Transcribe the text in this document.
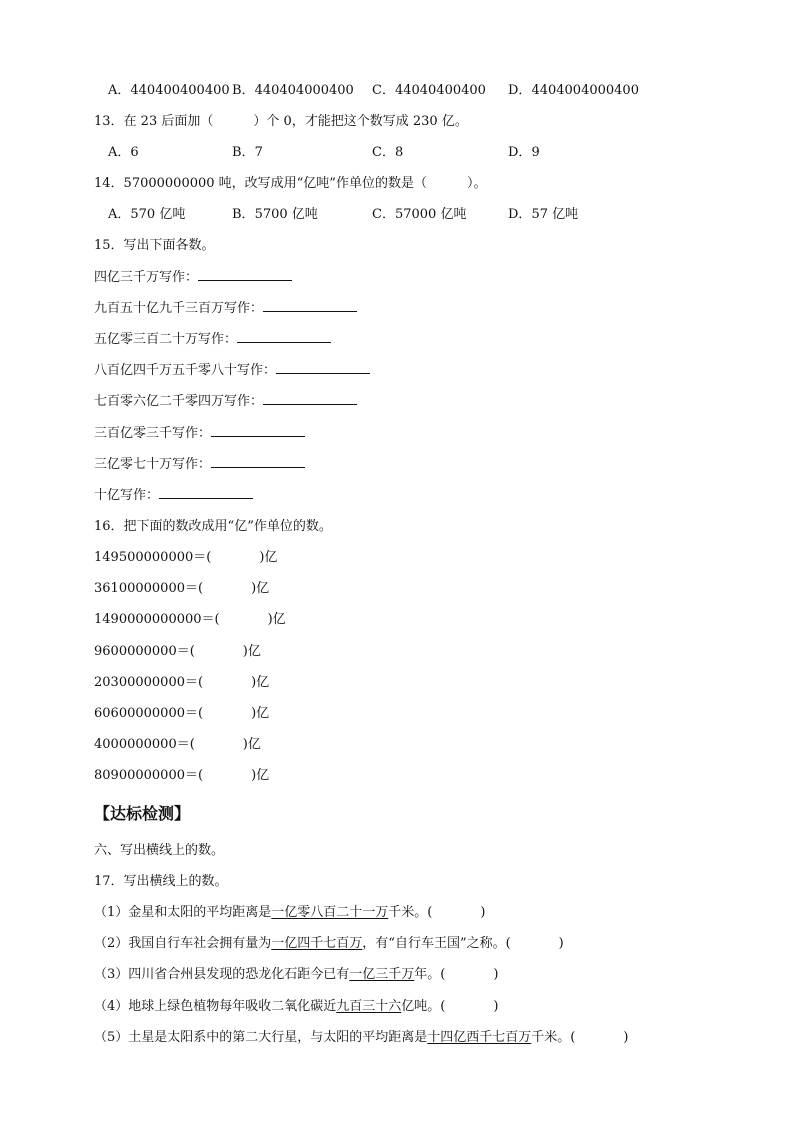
A．440400400400 B．440404000400 C．44040400400 D．4404004000400
13．在 23 后面加（	）个 0，才能把这个数写成 230 亿。
A．6	B．7	C．8	D．9
14．57000000000 吨，改写成用“亿吨”作单位的数是（	）。
A．570 亿吨	B．5700 亿吨	C．57000 亿吨	D．57 亿吨
15．写出下面各数。
四亿三千万写作：
九百五十亿九千三百万写作：
五亿零三百二十万写作：
八百亿四千万五千零八十写作：
七百零六亿二千零四万写作：
三百亿零三千写作：
三亿零七十万写作：
十亿写作：
16．把下面的数改成用“亿”作单位的数。
149500000000＝(	)亿
36100000000＝(	)亿
1490000000000＝(	)亿
9600000000＝(	)亿
20300000000＝(	)亿
60600000000＝(	)亿
4000000000＝(	)亿
80900000000＝(	)亿
【达标检测】
六、写出横线上的数。
17．写出横线上的数。
（1）金星和太阳的平均距离是一亿零八百二十一万千米。(	)
（2）我国自行车社会拥有量为一亿四千七百万，有“自行车王国”之称。(	)
（3）四川省合州县发现的恐龙化石距今已有一亿三千万年。(	)
（4）地球上绿色植物每年吸收二氧化碳近九百三十六亿吨。(	)
（5）土星是太阳系中的第二大行星，与太阳的平均距离是十四亿西千七百万千米。(	)
